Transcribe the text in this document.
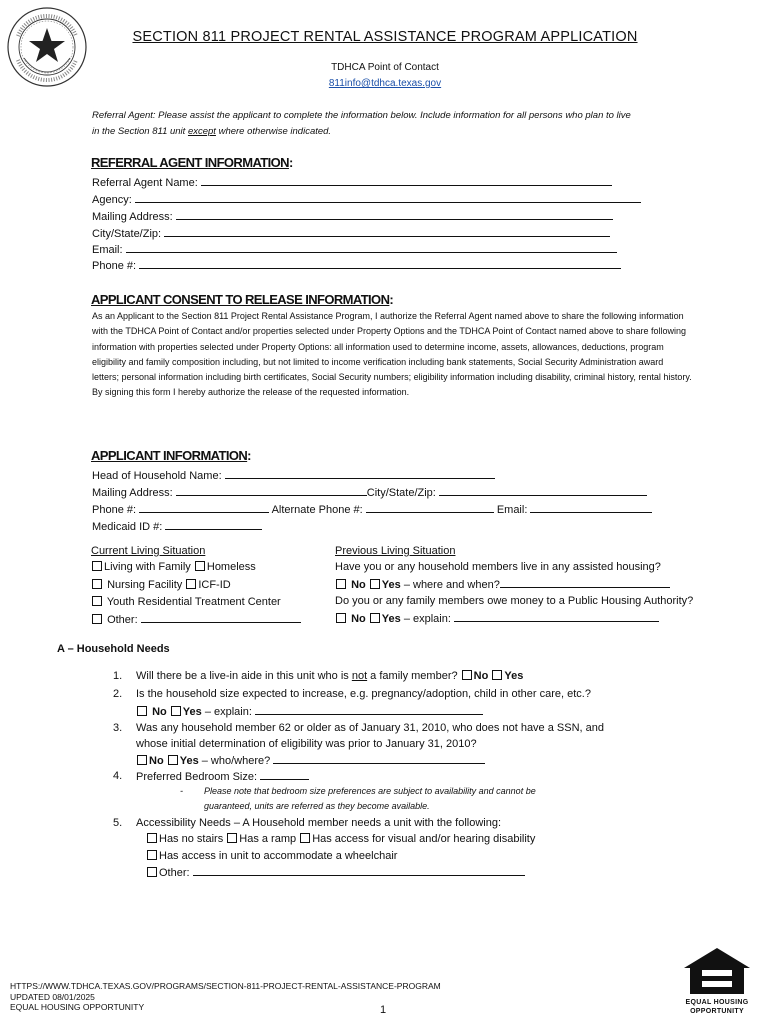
SECTION 811 PROJECT RENTAL ASSISTANCE PROGRAM APPLICATION
TDHCA Point of Contact
811info@tdhca.texas.gov
Referral Agent: Please assist the applicant to complete the information below. Include information for all persons who plan to live
in the Section 811 unit except where otherwise indicated.
REFERRAL AGENT INFORMATION:
Referral Agent Name:
Agency:
Mailing Address:
City/State/Zip:
Email:
Phone #:
APPLICANT CONSENT TO RELEASE INFORMATION:
As an Applicant to the Section 811 Project Rental Assistance Program, I authorize the Referral Agent named above to share the following information with the TDHCA Point of Contact and/or properties selected under Property Options and the TDHCA Point of Contact named above to share following information with properties selected under Property Options: all information used to determine income, assets, allowances, deductions, program eligibility and family composition including, but not limited to income verification including bank statements, Social Security Administration award letters; personal information including birth certificates, Social Security numbers; eligibility information including disability, criminal history, rental history. By signing this form I hereby authorize the release of the requested information.
APPLICANT INFORMATION:
Head of Household Name:
Mailing Address:	City/State/Zip:
Phone #:	Alternate Phone #:	Email:
Medicaid ID #:
Current Living Situation
Living with Family Homeless
Nursing Facility ICF-ID
Youth Residential Treatment Center
Other:
Previous Living Situation
Have you or any household members live in any assisted housing?
No Yes – where and when?
Do you or any family members owe money to a Public Housing Authority?
No Yes – explain:
A – Household Needs
1. Will there be a live-in aide in this unit who is not a family member? No Yes
2. Is the household size expected to increase, e.g. pregnancy/adoption, child in other care, etc.?
No Yes – explain:
3. Was any household member 62 or older as of January 31, 2010, who does not have a SSN, and
whose initial determination of eligibility was prior to January 31, 2010?
No Yes – who/where?
4. Preferred Bedroom Size:
- Please note that bedroom size preferences are subject to availability and cannot be
guaranteed, units are referred as they become available.
5. Accessibility Needs – A Household member needs a unit with the following:
Has no stairs Has a ramp Has access for visual and/or hearing disability
Has access in unit to accommodate a wheelchair
Other:
HTTPS://WWW.TDHCA.TEXAS.GOV/PROGRAMS/SECTION-811-PROJECT-RENTAL-ASSISTANCE-PROGRAM
UPDATED 08/01/2025
EQUAL HOUSING OPPORTUNITY	1
EQUAL HOUSING
OPPORTUNITY
